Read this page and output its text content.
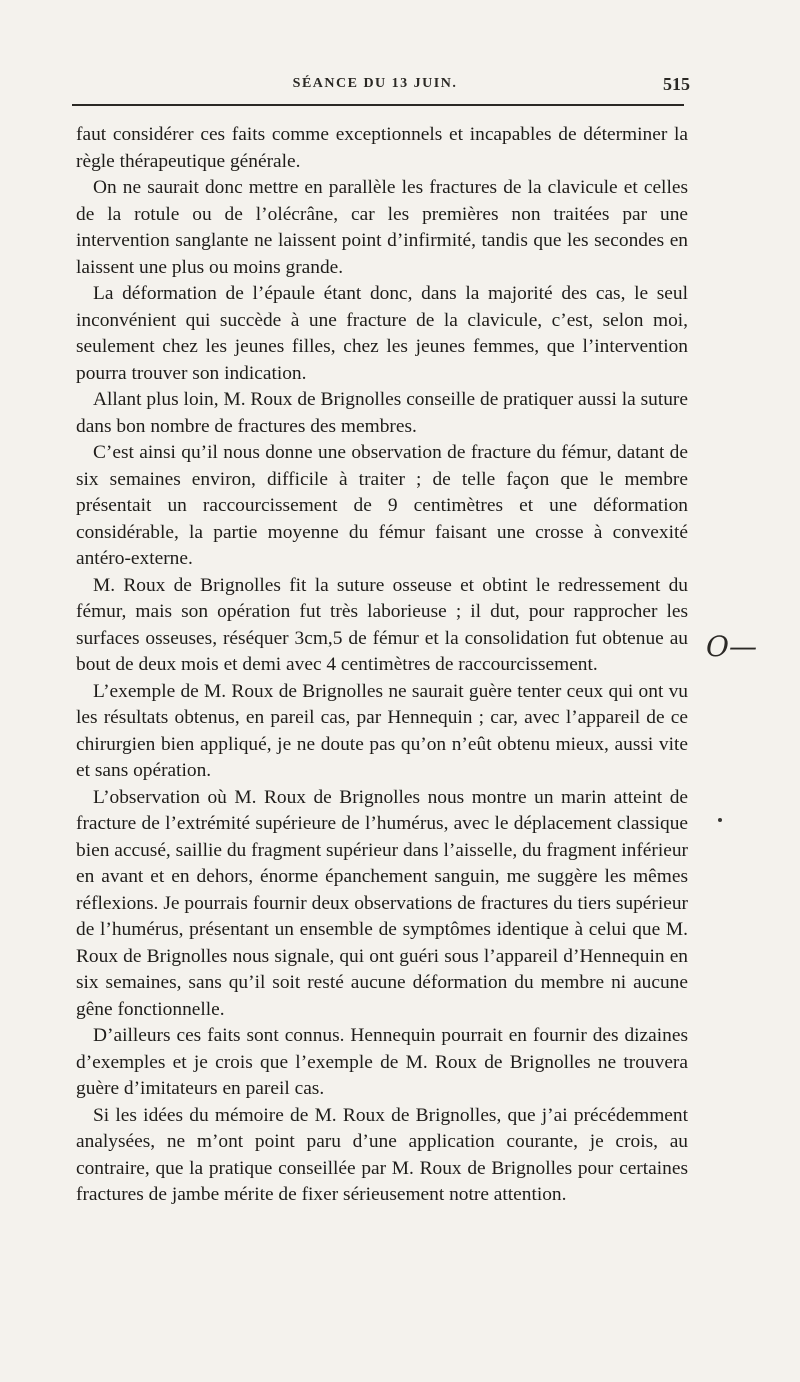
SÉANCE DU 13 JUIN.	515

faut considérer ces faits comme exceptionnels et incapables de déterminer la règle thérapeutique générale.

On ne saurait donc mettre en parallèle les fractures de la clavicule et celles de la rotule ou de l’olécrâne, car les premières non traitées par une intervention sanglante ne laissent point d’infirmité, tandis que les secondes en laissent une plus ou moins grande.

La déformation de l’épaule étant donc, dans la majorité des cas, le seul inconvénient qui succède à une fracture de la clavicule, c’est, selon moi, seulement chez les jeunes filles, chez les jeunes femmes, que l’intervention pourra trouver son indication.

Allant plus loin, M. Roux de Brignolles conseille de pratiquer aussi la suture dans bon nombre de fractures des membres.

C’est ainsi qu’il nous donne une observation de fracture du fémur, datant de six semaines environ, difficile à traiter ; de telle façon que le membre présentait un raccourcissement de 9 centimètres et une déformation considérable, la partie moyenne du fémur faisant une crosse à convexité antéro-externe.

M. Roux de Brignolles fit la suture osseuse et obtint le redressement du fémur, mais son opération fut très laborieuse ; il dut, pour rapprocher les surfaces osseuses, réséquer 3cm,5 de fémur et la consolidation fut obtenue au bout de deux mois et demi avec 4 centimètres de raccourcissement.

L’exemple de M. Roux de Brignolles ne saurait guère tenter ceux qui ont vu les résultats obtenus, en pareil cas, par Hennequin ; car, avec l’appareil de ce chirurgien bien appliqué, je ne doute pas qu’on n’eût obtenu mieux, aussi vite et sans opération.

L’observation où M. Roux de Brignolles nous montre un marin atteint de fracture de l’extrémité supérieure de l’humérus, avec le déplacement classique bien accusé, saillie du fragment supérieur dans l’aisselle, du fragment inférieur en avant et en dehors, énorme épanchement sanguin, me suggère les mêmes réflexions. Je pourrais fournir deux observations de fractures du tiers supérieur de l’humérus, présentant un ensemble de symptômes identique à celui que M. Roux de Brignolles nous signale, qui ont guéri sous l’appareil d’Hennequin en six semaines, sans qu’il soit resté aucune déformation du membre ni aucune gêne fonctionnelle.

D’ailleurs ces faits sont connus. Hennequin pourrait en fournir des dizaines d’exemples et je crois que l’exemple de M. Roux de Brignolles ne trouvera guère d’imitateurs en pareil cas.

Si les idées du mémoire de M. Roux de Brignolles, que j’ai précédemment analysées, ne m’ont point paru d’une application courante, je crois, au contraire, que la pratique conseillée par M. Roux de Brignolles pour certaines fractures de jambe mérite de fixer sérieusement notre attention.

O—
